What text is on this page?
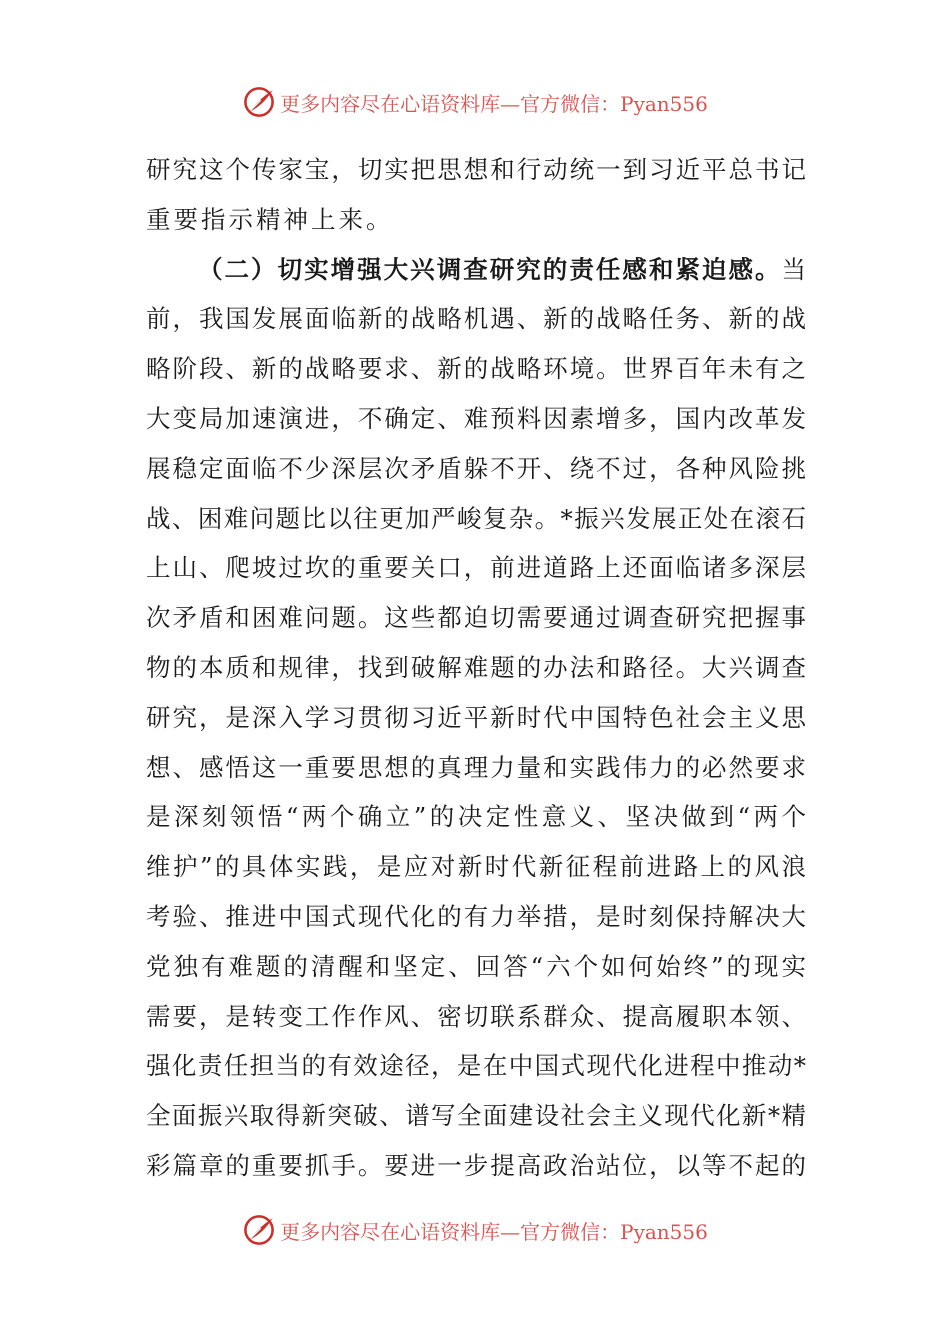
更多内容尽在心语资料库—官方微信：Pyan556
研究这个传家宝，切实把思想和行动统一到习近平总书记
重要指示精神上来。
（二）切实增强大兴调查研究的责任感和紧迫感。当
前，我国发展面临新的战略机遇、新的战略任务、新的战
略阶段、新的战略要求、新的战略环境。世界百年未有之
大变局加速演进，不确定、难预料因素增多，国内改革发
展稳定面临不少深层次矛盾躲不开、绕不过，各种风险挑
战、困难问题比以往更加严峻复杂。*振兴发展正处在滚石
上山、爬坡过坎的重要关口，前进道路上还面临诸多深层
次矛盾和困难问题。这些都迫切需要通过调查研究把握事
物的本质和规律，找到破解难题的办法和路径。大兴调查
研究，是深入学习贯彻习近平新时代中国特色社会主义思
想、感悟这一重要思想的真理力量和实践伟力的必然要求
是深刻领悟“两个确立”的决定性意义、坚决做到“两个
维护”的具体实践，是应对新时代新征程前进路上的风浪
考验、推进中国式现代化的有力举措，是时刻保持解决大
党独有难题的清醒和坚定、回答“六个如何始终”的现实
需要，是转变工作作风、密切联系群众、提高履职本领、
强化责任担当的有效途径，是在中国式现代化进程中推动*
全面振兴取得新突破、谱写全面建设社会主义现代化新*精
彩篇章的重要抓手。要进一步提高政治站位，以等不起的
更多内容尽在心语资料库—官方微信：Pyan556
